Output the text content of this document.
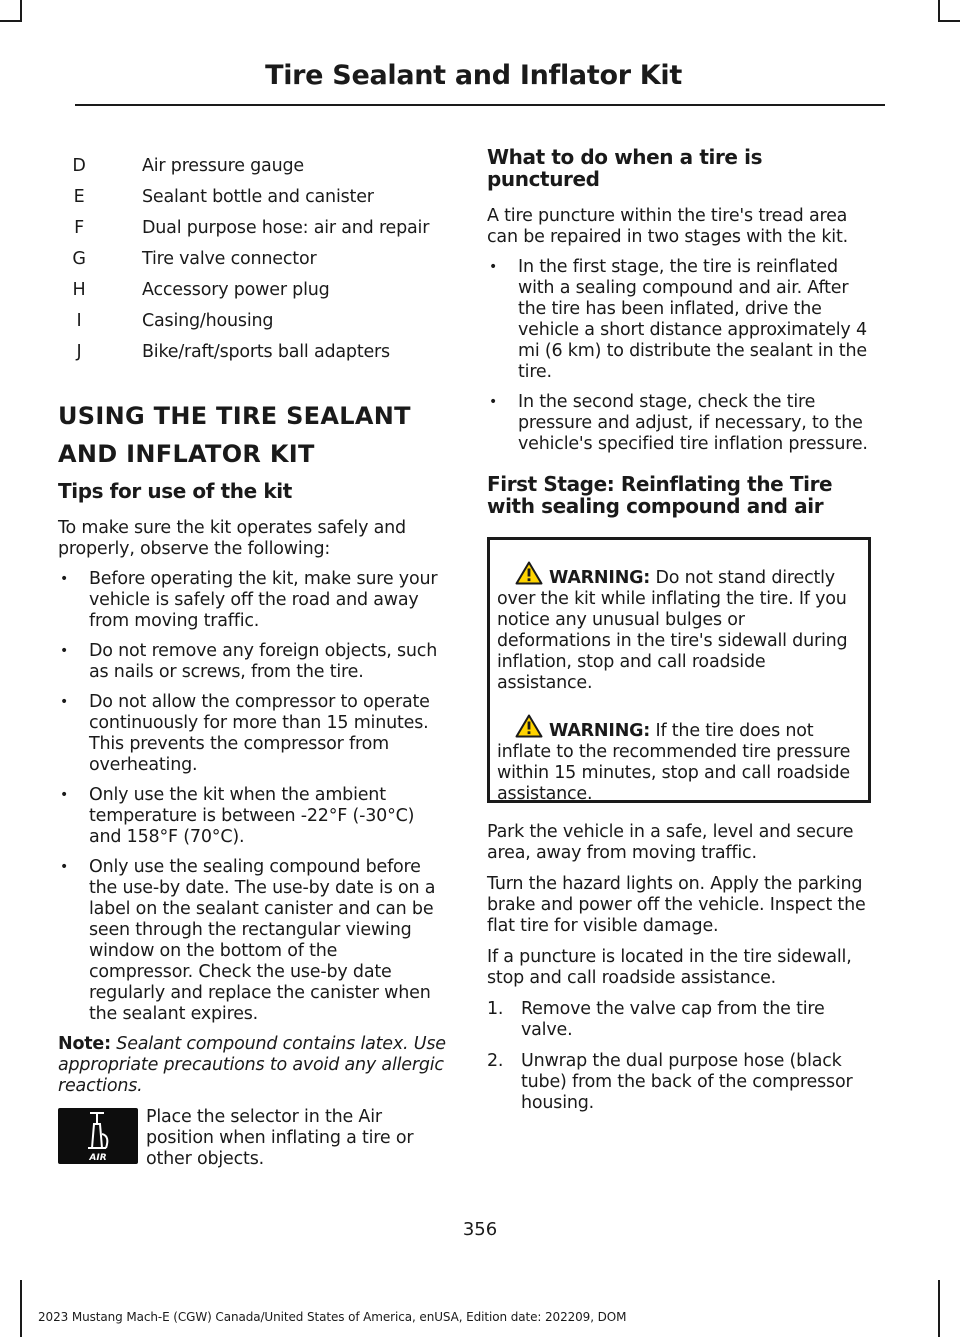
Tire Sealant and Inflator Kit
D	Air pressure gauge
E	Sealant bottle and canister
F	Dual purpose hose: air and repair
G	Tire valve connector
H	Accessory power plug
I	Casing/housing
J	Bike/raft/sports ball adapters
USING THE TIRE SEALANT
AND INFLATOR KIT
Tips for use of the kit

To make sure the kit operates safely and properly, observe the following:

• Before operating the kit, make sure your vehicle is safely off the road and away from moving traffic.

• Do not remove any foreign objects, such as nails or screws, from the tire.

• Do not allow the compressor to operate continuously for more than 15 minutes. This prevents the compressor from overheating.

• Only use the kit when the ambient temperature is between -22°F (-30°C) and 158°F (70°C).

• Only use the sealing compound before the use-by date. The use-by date is on a label on the sealant canister and can be seen through the rectangular viewing window on the bottom of the compressor. Check the use-by date regularly and replace the canister when the sealant expires.

Note: Sealant compound contains latex. Use appropriate precautions to avoid any allergic reactions.

AIR

Place the selector in the Air position when inflating a tire or other objects.

What to do when a tire is punctured

A tire puncture within the tire's tread area can be repaired in two stages with the kit.

• In the first stage, the tire is reinflated with a sealing compound and air. After the tire has been inflated, drive the vehicle a short distance approximately 4 mi (6 km) to distribute the sealant in the tire.

• In the second stage, check the tire pressure and adjust, if necessary, to the vehicle's specified tire inflation pressure.

First Stage: Reinflating the Tire
with sealing compound and air

WARNING: Do not stand directly over the kit while inflating the tire. If you notice any unusual bulges or deformations in the tire's sidewall during inflation, stop and call roadside assistance.

WARNING: If the tire does not inflate to the recommended tire pressure within 15 minutes, stop and call roadside assistance.

Park the vehicle in a safe, level and secure area, away from moving traffic.

Turn the hazard lights on. Apply the parking brake and power off the vehicle. Inspect the flat tire for visible damage.

If a puncture is located in the tire sidewall, stop and call roadside assistance.

1. Remove the valve cap from the tire valve.

2. Unwrap the dual purpose hose (black tube) from the back of the compressor housing.

356
2023 Mustang Mach-E (CGW) Canada/United States of America, enUSA, Edition date: 202209, DOM
